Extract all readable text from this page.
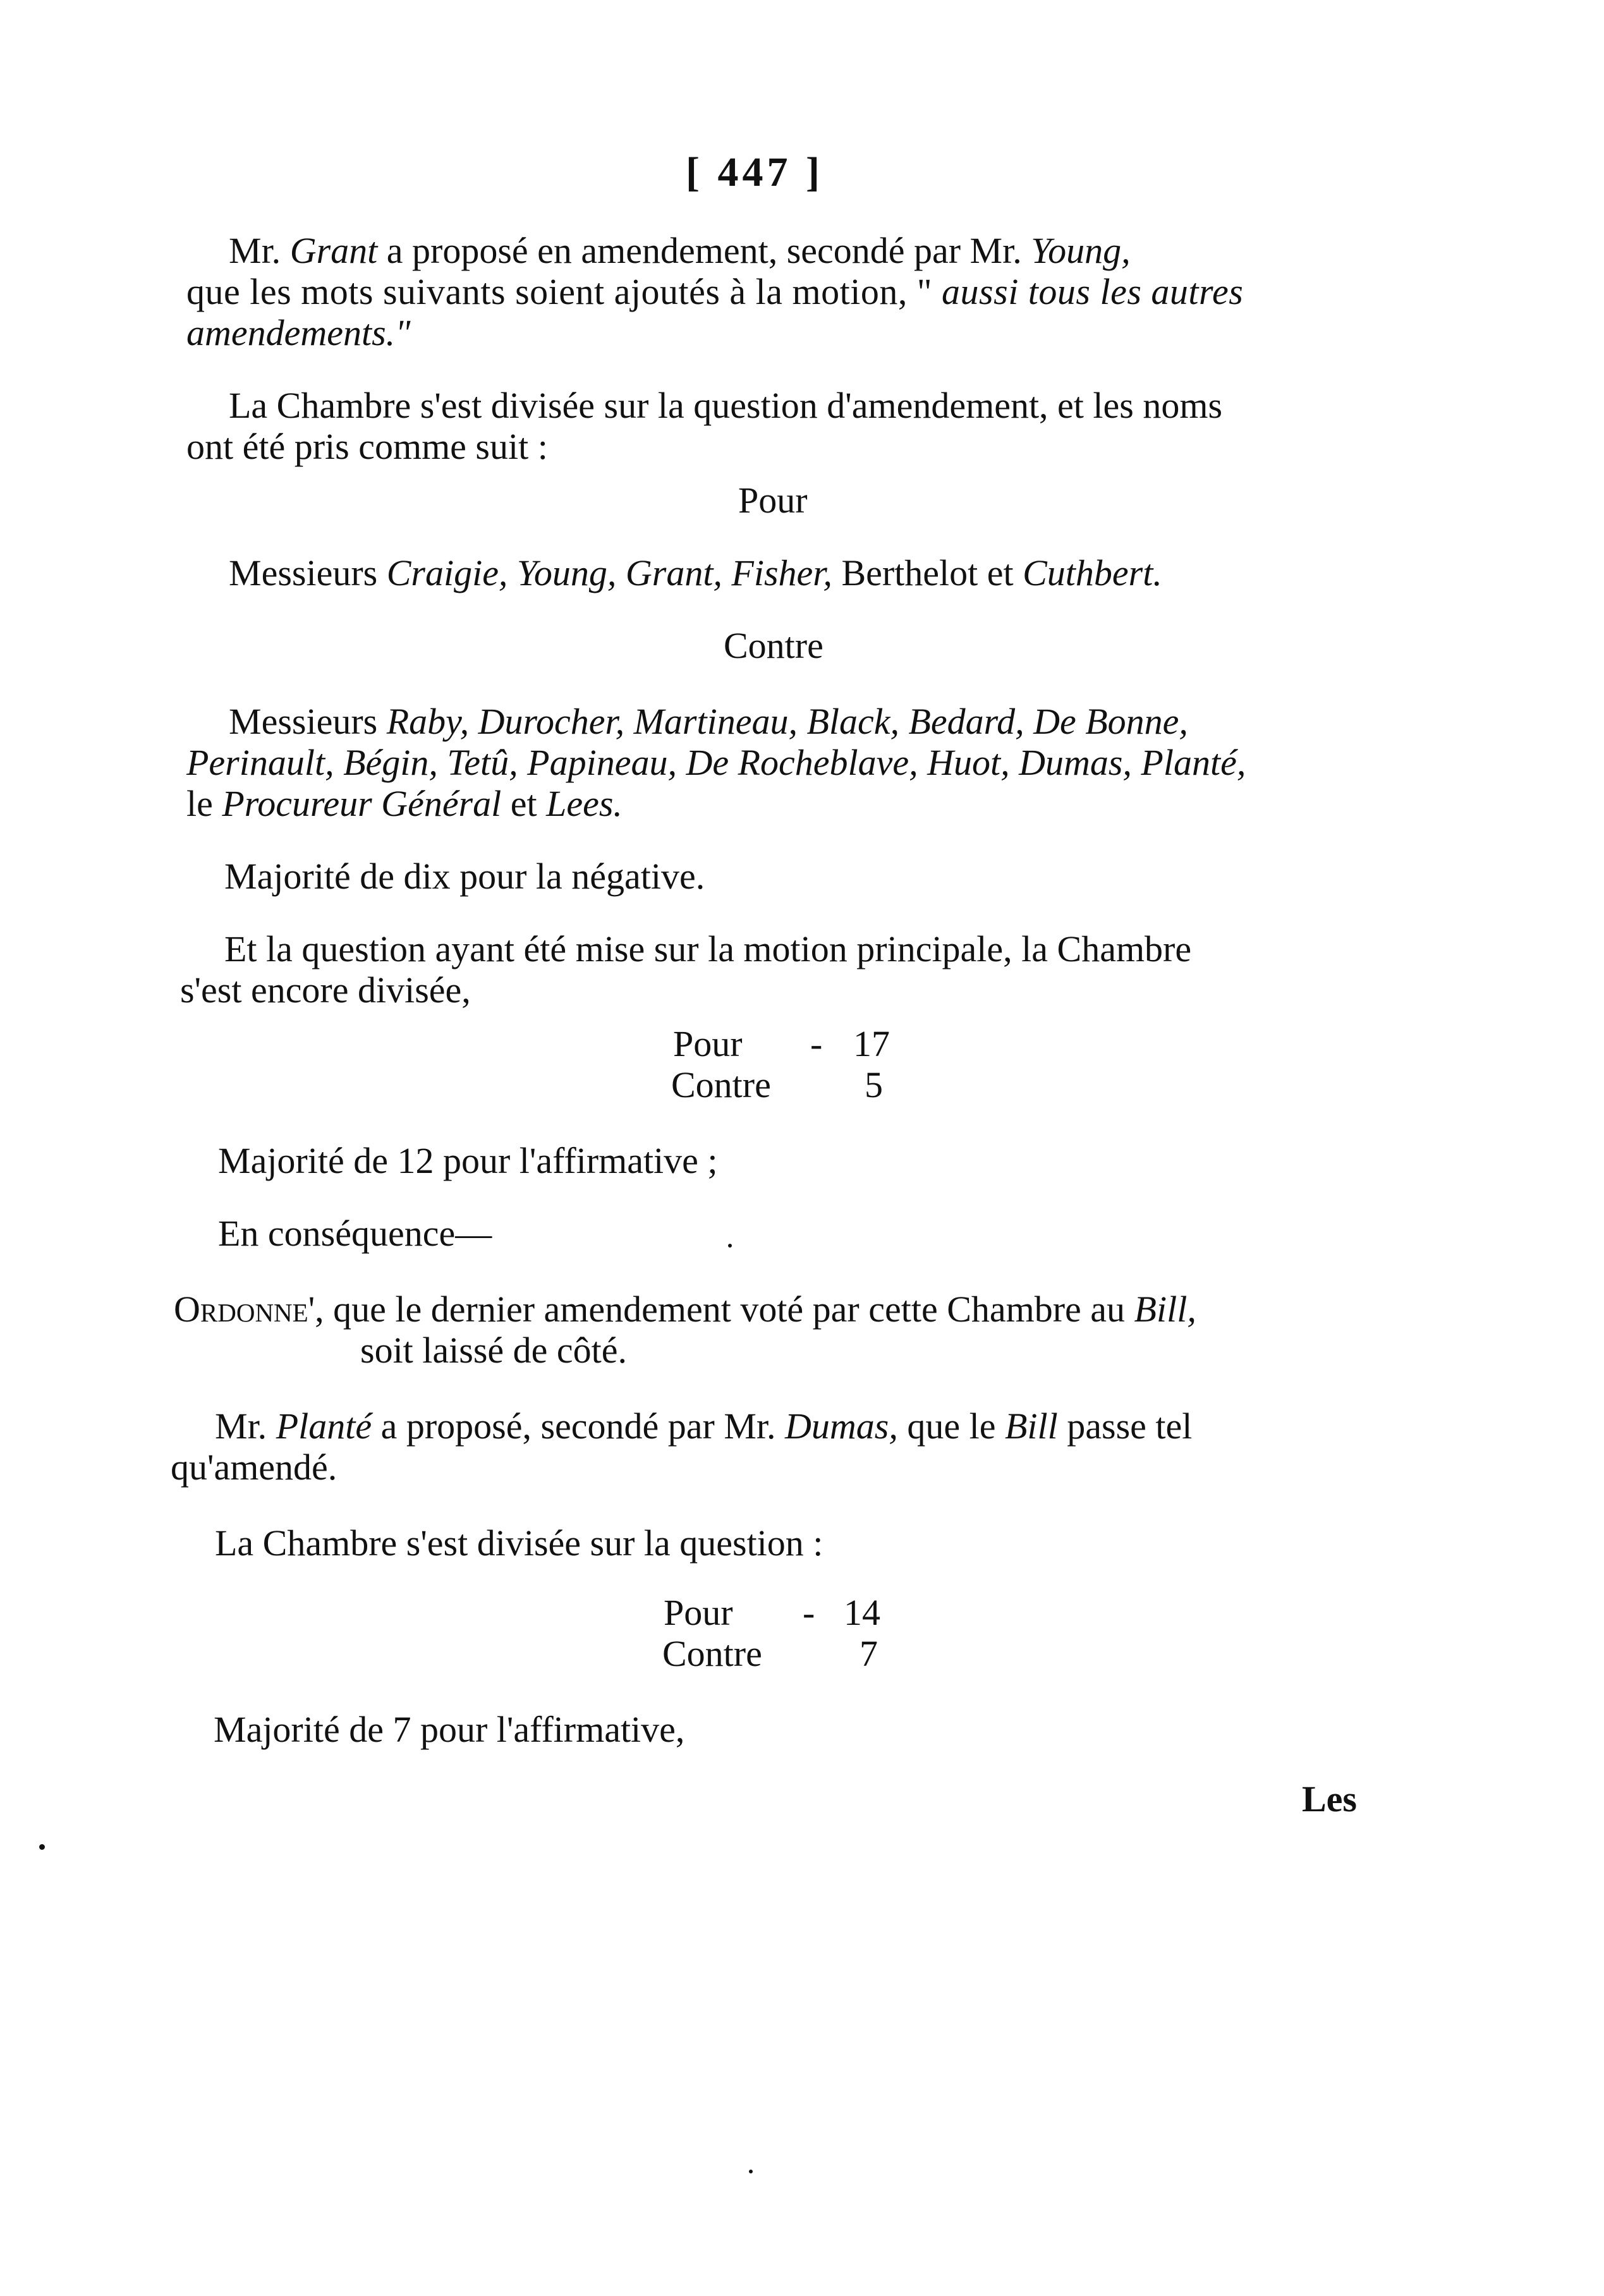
[ 447 ]
Mr. Grant a proposé en amendement, secondé par Mr. Young,
que les mots suivants soient ajoutés à la motion, " aussi tous les autres
amendements."
La Chambre s'est divisée sur la question d'amendement, et les noms
ont été pris comme suit :
Pour
Messieurs Craigie, Young, Grant, Fisher, Berthelot et Cuthbert.
Contre
Messieurs Raby, Durocher, Martineau, Black, Bedard, De Bonne,
Perinault, Bégin, Tetû, Papineau, De Rocheblave, Huot, Dumas, Planté,
le Procureur Général et Lees.
Majorité de dix pour la négative.
Et la question ayant été mise sur la motion principale, la Chambre
s'est encore divisée,
Pour - 17
Contre	5
Majorité de 12 pour l'affirmative ;
En conséquence—
Ordonne', que le dernier amendement voté par cette Chambre au Bill,
soit laissé de côté.
Mr. Planté a proposé, secondé par Mr. Dumas, que le Bill passe tel
qu'amendé.
La Chambre s'est divisée sur la question :
Pour - 14
Contre	7
Majorité de 7 pour l'affirmative,
Les
